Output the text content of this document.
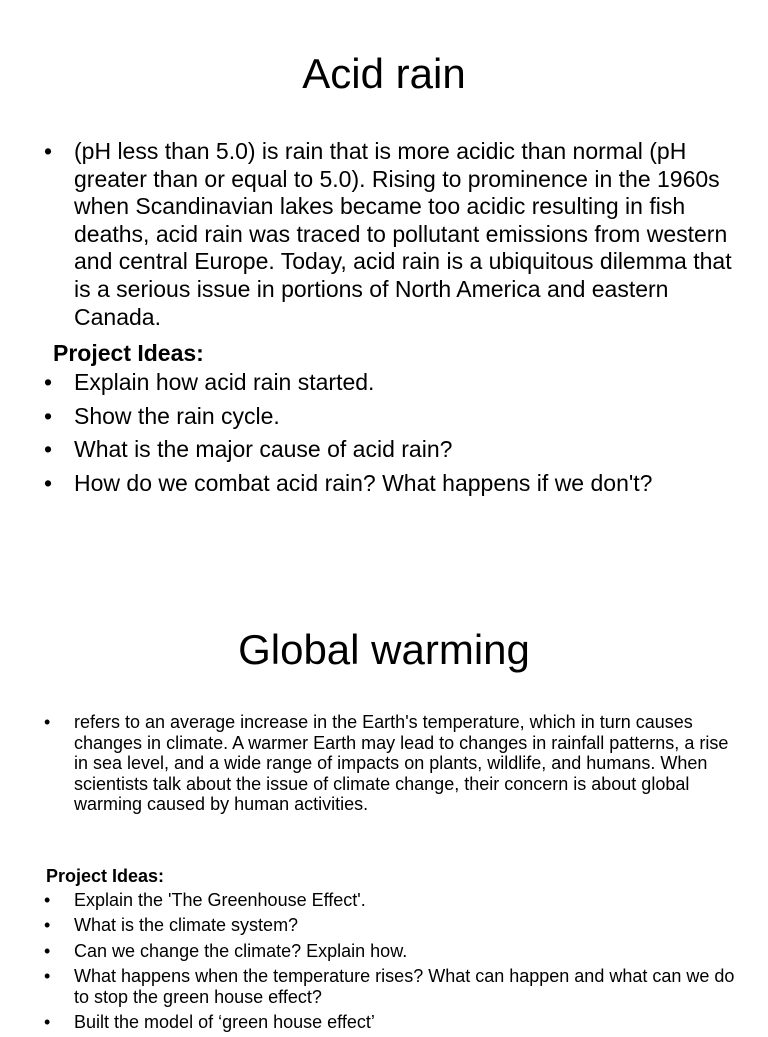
Acid rain
• (pH less than 5.0) is rain that is more acidic than normal (pH greater than or equal to 5.0). Rising to prominence in the 1960s when Scandinavian lakes became too acidic resulting in fish deaths, acid rain was traced to pollutant emissions from western and central Europe. Today, acid rain is a ubiquitous dilemma that is a serious issue in portions of North America and eastern Canada.

Project Ideas:

• Explain how acid rain started.
• Show the rain cycle.
• What is the major cause of acid rain?
• How do we combat acid rain? What happens if we don't?
Global warming
• refers to an average increase in the Earth's temperature, which in turn causes changes in climate. A warmer Earth may lead to changes in rainfall patterns, a rise in sea level, and a wide range of impacts on plants, wildlife, and humans. When scientists talk about the issue of climate change, their concern is about global warming caused by human activities.

Project Ideas:

• Explain the 'The Greenhouse Effect'.
• What is the climate system?
• Can we change the climate? Explain how.
• What happens when the temperature rises? What can happen and what can we do to stop the green house effect?
• Built the model of ‘green house effect’
